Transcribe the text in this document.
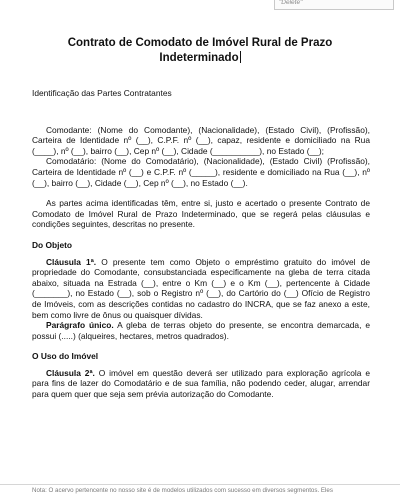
"Delete"
Contrato de Comodato de Imóvel Rural de Prazo
Indeterminado

Identificação das Partes Contratantes

Comodante: (Nome do Comodante), (Nacionalidade), (Estado Civil), (Profissão), Carteira de Identidade nº (__), C.P.F. nº (__), capaz, residente e domiciliado na Rua (____), nº (__), bairro (__), Cep nº (__), Cidade (__________), no Estado (__);

Comodatário: (Nome do Comodatário), (Nacionalidade), (Estado Civil) (Profissão), Carteira de Identidade nº (__) e C.P.F. nº (_____), residente e domiciliado na Rua (__), nº (__), bairro (__), Cidade (__), Cep nº (__), no Estado (__).

As partes acima identificadas têm, entre si, justo e acertado o presente Contrato de Comodato de Imóvel Rural de Prazo Indeterminado, que se regerá pelas cláusulas e condições seguintes, descritas no presente.

Do Objeto

Cláusula 1ª. O presente tem como Objeto o empréstimo gratuito do imóvel de propriedade do Comodante, consubstanciada especificamente na gleba de terra citada abaixo, situada na Estrada (__), entre o Km (__) e o Km (__), pertencente à Cidade (_______), no Estado (__), sob o Registro nº (__), do Cartório do (__) Ofício de Registro de Imóveis, com as descrições contidas no cadastro do INCRA, que se faz anexo a este, bem como livre de ônus ou quaisquer dívidas.

Parágrafo único. A gleba de terras objeto do presente, se encontra demarcada, e possui (.....) (alqueires, hectares, metros quadrados).

O Uso do Imóvel

Cláusula 2ª. O imóvel em questão deverá ser utilizado para exploração agrícola e para fins de lazer do Comodatário e de sua família, não podendo ceder, alugar, arrendar para quem quer que seja sem prévia autorização do Comodante.

Nota: O acervo pertencente no nosso site é de modelos utilizados com sucesso em diversos segmentos. Eles
